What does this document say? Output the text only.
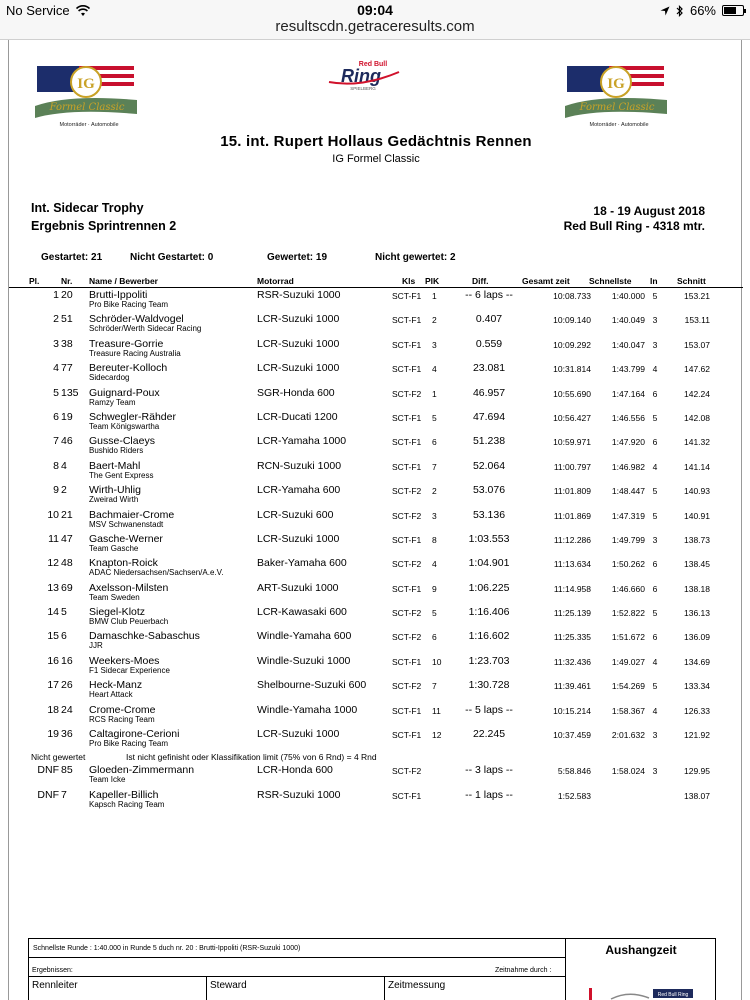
No Service	09:04	66%
resultscdn.getraceresults.com
IG
Formel Classic
Motorräder · Automobile
Red Bull
Ring
SPIELBERG	IG
Formel Classic
Motorräder · Automobile
15. int. Rupert Hollaus Gedächtnis Rennen
IG Formel Classic
Int. Sidecar Trophy
Ergebnis Sprintrennen 2
18 - 19 August 2018
Red Bull Ring - 4318 mtr.
Gestartet: 21	Nicht Gestartet: 0	Gewertet: 19	Nicht gewertet: 2
Pl.	Nr. Name / Bewerber	Motorrad	Kls PlK	Diff.	Gesamt zeit Schnellste In Schnitt
1 20 Brutti-Ippoliti	RSR-Suzuki 1000	SCT-F1 1	-- 6 laps --	10:08.733	1:40.000 5	153.21
Pro Bike Racing Team
2 51 Schröder-Waldvogel	LCR-Suzuki 1000	SCT-F1 2	0.407	10:09.140	1:40.049 3	153.11
Schröder/Werth Sidecar Racing
3 38 Treasure-Gorrie	LCR-Suzuki 1000	SCT-F1 3	0.559	10:09.292	1:40.047 3	153.07
Treasure Racing Australia
4 77 Bereuter-Kolloch	LCR-Suzuki 1000	SCT-F1 4	23.081	10:31.814	1:43.799 4	147.62
Sidecardog
5 135 Guignard-Poux	SGR-Honda 600	SCT-F2 1	46.957	10:55.690	1:47.164 6	142.24
Ramzy Team
6 19 Schwegler-Rähder	LCR-Ducati 1200	SCT-F1 5	47.694	10:56.427	1:46.556 5	142.08
Team Königswartha
7 46 Gusse-Claeys	LCR-Yamaha 1000	SCT-F1 6	51.238	10:59.971	1:47.920 6	141.32
Bushido Riders
8 4 Baert-Mahl	RCN-Suzuki 1000	SCT-F1 7	52.064	11:00.797	1:46.982 4	141.14
The Gent Express
9 2 Wirth-Uhlig	LCR-Yamaha 600	SCT-F2 2	53.076	11:01.809	1:48.447 5	140.93
Zweirad Wirth
10 21 Bachmaier-Crome	LCR-Suzuki 600	SCT-F2 3	53.136	11:01.869	1:47.319 5	140.91
MSV Schwanenstadt
11 47 Gasche-Werner	LCR-Suzuki 1000	SCT-F1 8	1:03.553	11:12.286	1:49.799 3	138.73
Team Gasche
12 48 Knapton-Roick	Baker-Yamaha 600	SCT-F2 4	1:04.901	11:13.634	1:50.262 6	138.45
ADAC Niedersachsen/Sachsen/A.e.V.
13 69 Axelsson-Milsten	ART-Suzuki 1000	SCT-F1 9	1:06.225	11:14.958	1:46.660 6	138.18
Team Sweden
14 5 Siegel-Klotz	LCR-Kawasaki 600	SCT-F2 5	1:16.406	11:25.139	1:52.822 5	136.13
BMW Club Peuerbach
15 6 Damaschke-Sabaschus	Windle-Yamaha 600	SCT-F2 6	1:16.602	11:25.335	1:51.672 6	136.09
JJR
16 16 Weekers-Moes	Windle-Suzuki 1000	SCT-F1 10	1:23.703	11:32.436	1:49.027 4	134.69
F1 Sidecar Experience
17 26 Heck-Manz	Shelbourne-Suzuki 600	SCT-F2 7	1:30.728	11:39.461	1:54.269 5	133.34
Heart Attack
18 24 Crome-Crome	Windle-Yamaha 1000	SCT-F1 11	-- 5 laps --	10:15.214	1:58.367 4	126.33
RCS Racing Team
19 36 Caltagirone-Cerioni	LCR-Suzuki 1000	SCT-F1 12	22.245	10:37.459	2:01.632 3	121.92
Pro Bike Racing Team
Nicht gewertet	Ist nicht gefinisht oder Klassifikation limit (75% von 6 Rnd) = 4 Rnd
DNF 85 Gloeden-Zimmermann	LCR-Honda 600	SCT-F2	-- 3 laps --	5:58.846	1:58.024 3	129.95
Team Icke
DNF 7 Kapeller-Billich	RSR-Suzuki 1000	SCT-F1	-- 1 laps --	1:52.583	138.07
Kapsch Racing Team
Schnellste Runde : 1:40.000 in Runde 5 duch nr. 20 : Brutti-Ippoliti (RSR-Suzuki 1000)	Aushangzeit
Ergebnissen:	Zeitnahme durch :
Rennleiter	Steward	Zeitmessung
Red Bull Ring
